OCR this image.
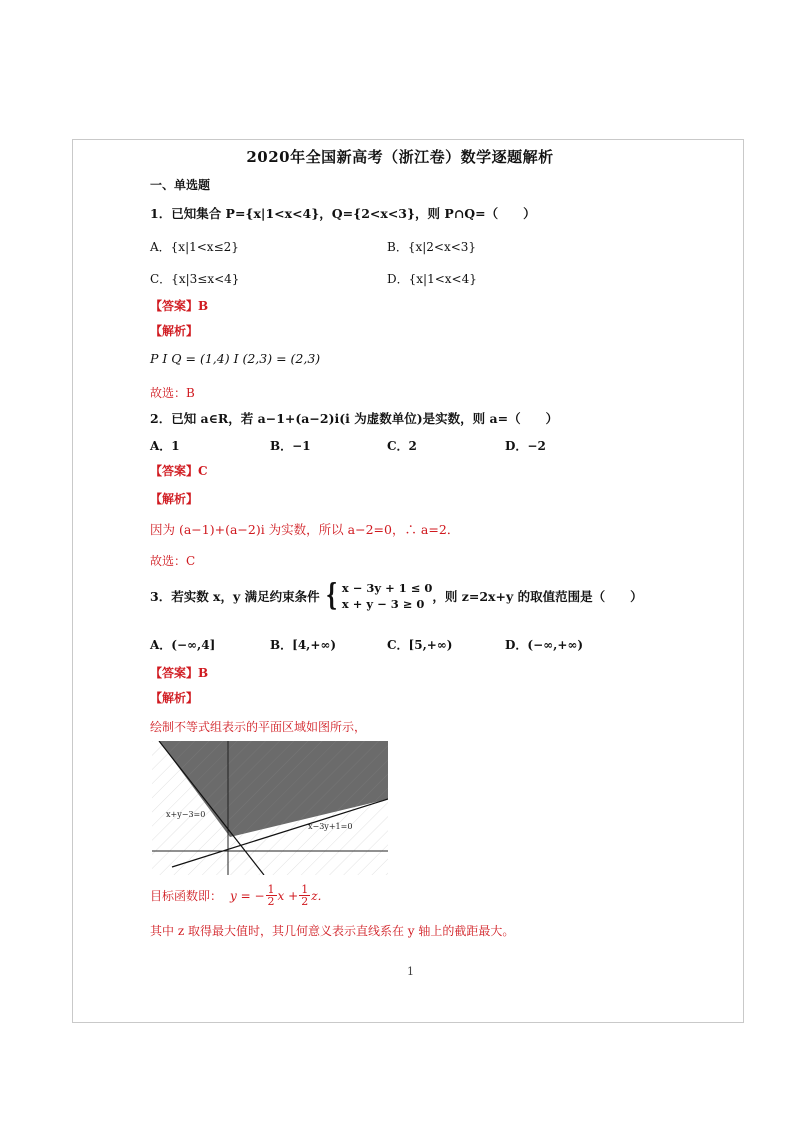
2020年全国新高考（浙江卷）数学逐题解析
一、单选题
1．已知集合 P={x|1<x<4}，Q={2<x<3}，则 P∩Q=（　　）
A．{x|1<x≤2}	B．{x|2<x<3}
C．{x|3≤x<4}	D．{x|1<x<4}
【答案】B
【解析】
P I Q = (1,4) I (2,3) = (2,3)
故选：B
2．已知 a∈R，若 a−1+(a−2)i(i 为虚数单位)是实数，则 a=（　　）
A．1	B．−1	C．2	D．−2
【答案】C
【解析】
因为 (a−1)+(a−2)i 为实数，所以 a−2=0，∴ a=2．
故选：C
3．若实数 x，y 满足约束条件 { x − 3y + 1 ≤ 0
x + y − 3 ≥ 0 ，则 z=2x+y 的取值范围是（　　）
A．(−∞,4]	B．[4,+∞)	C．[5,+∞)	D．(−∞,+∞)
【答案】B
【解析】
绘制不等式组表示的平面区域如图所示，
x+y−3=0
x−3y+1=0
目标函数即： y = − $\frac{1}{2}$ $x + \frac{1}{2}$ z．
其中 z 取得最大值时，其几何意义表示直线系在 y 轴上的截距最大。
1
